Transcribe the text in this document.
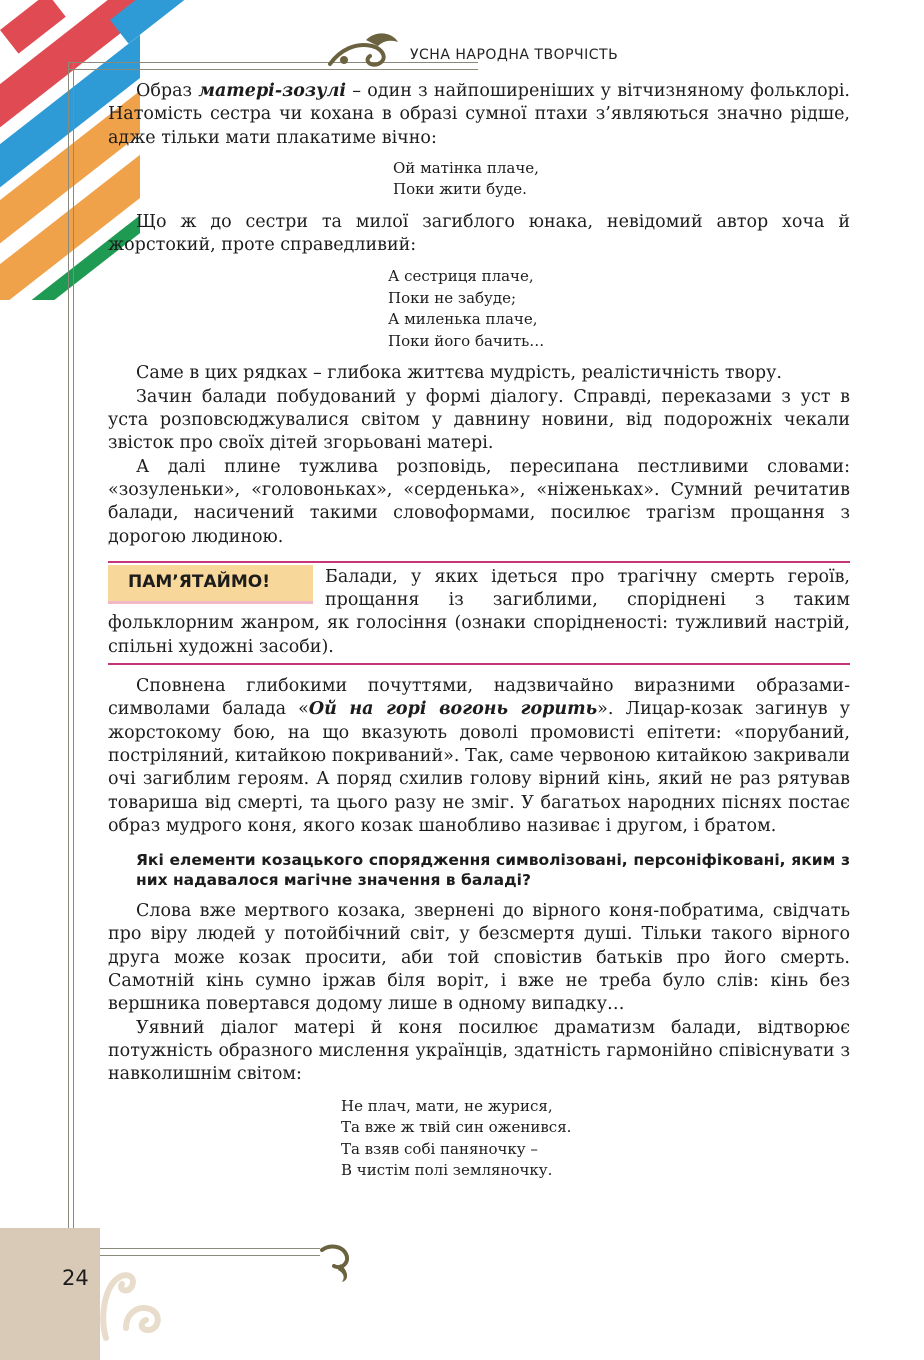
УСНА НАРОДНА ТВОРЧІСТЬ

Образ матері-зозулі – один з найпоширеніших у вітчизняному фольклорі. Натомість сестра чи кохана в образі сумної птахи з’являються значно рідше, адже тільки мати плакатиме вічно:

Ой матінка плаче,
Поки жити буде.

Що ж до сестри та милої загиблого юнака, невідомий автор хоча й жорстокий, проте справедливий:

А сестриця плаче,
Поки не забуде;
А миленька плаче,
Поки його бачить…

Саме в цих рядках – глибока життєва мудрість, реалістичність твору.

Зачин балади побудований у формі діалогу. Справді, переказами з уст в уста розповсюджувалися світом у давнину новини, від подорожніх чекали звісток про своїх дітей згорьовані матері.

А далі плине тужлива розповідь, пересипана пестливими словами: «зозуленьки», «головоньках», «серденька», «ніженьках». Сумний речитатив балади, насичений такими словоформами, посилює трагізм прощання з дорогою людиною.

ПАМ’ЯТАЙМО!	Балади, у яких ідеться про трагічну смерть героїв, прощання із загиблими, споріднені з таким фольклорним жанром, як голосіння (ознаки спорідненості: тужливий настрій, спільні художні засоби).

Сповнена глибокими почуттями, надзвичайно виразними образами-символами балада «Ой на горі вогонь горить». Лицар-козак загинув у жорстокому бою, на що вказують доволі промовисті епітети: «порубаний, постріляний, китайкою покриваний». Так, саме червоною китайкою закривали очі загиблим героям. А поряд схилив голову вірний кінь, який не раз рятував товариша від смерті, та цього разу не зміг. У багатьох народних піснях постає образ мудрого коня, якого козак шанобливо називає і другом, і братом.

Які елементи козацького спорядження символізовані, персоніфіковані, яким з них надавалося магічне значення в баладі?

Слова вже мертвого козака, звернені до вірного коня-побратима, свідчать про віру людей у потойбічний світ, у безсмертя душі. Тільки такого вірного друга може козак просити, аби той сповістив батьків про його смерть. Самотній кінь сумно іржав біля воріт, і вже не треба було слів: кінь без вершника повертався додому лише в одному випадку…

Уявний діалог матері й коня посилює драматизм балади, відтворює потужність образного мислення українців, здатність гармонійно співіснувати з навколишнім світом:

Не плач, мати, не журися,
Та вже ж твій син оженився.
Та взяв собі паняночку –
В чистім полі земляночку.
24
